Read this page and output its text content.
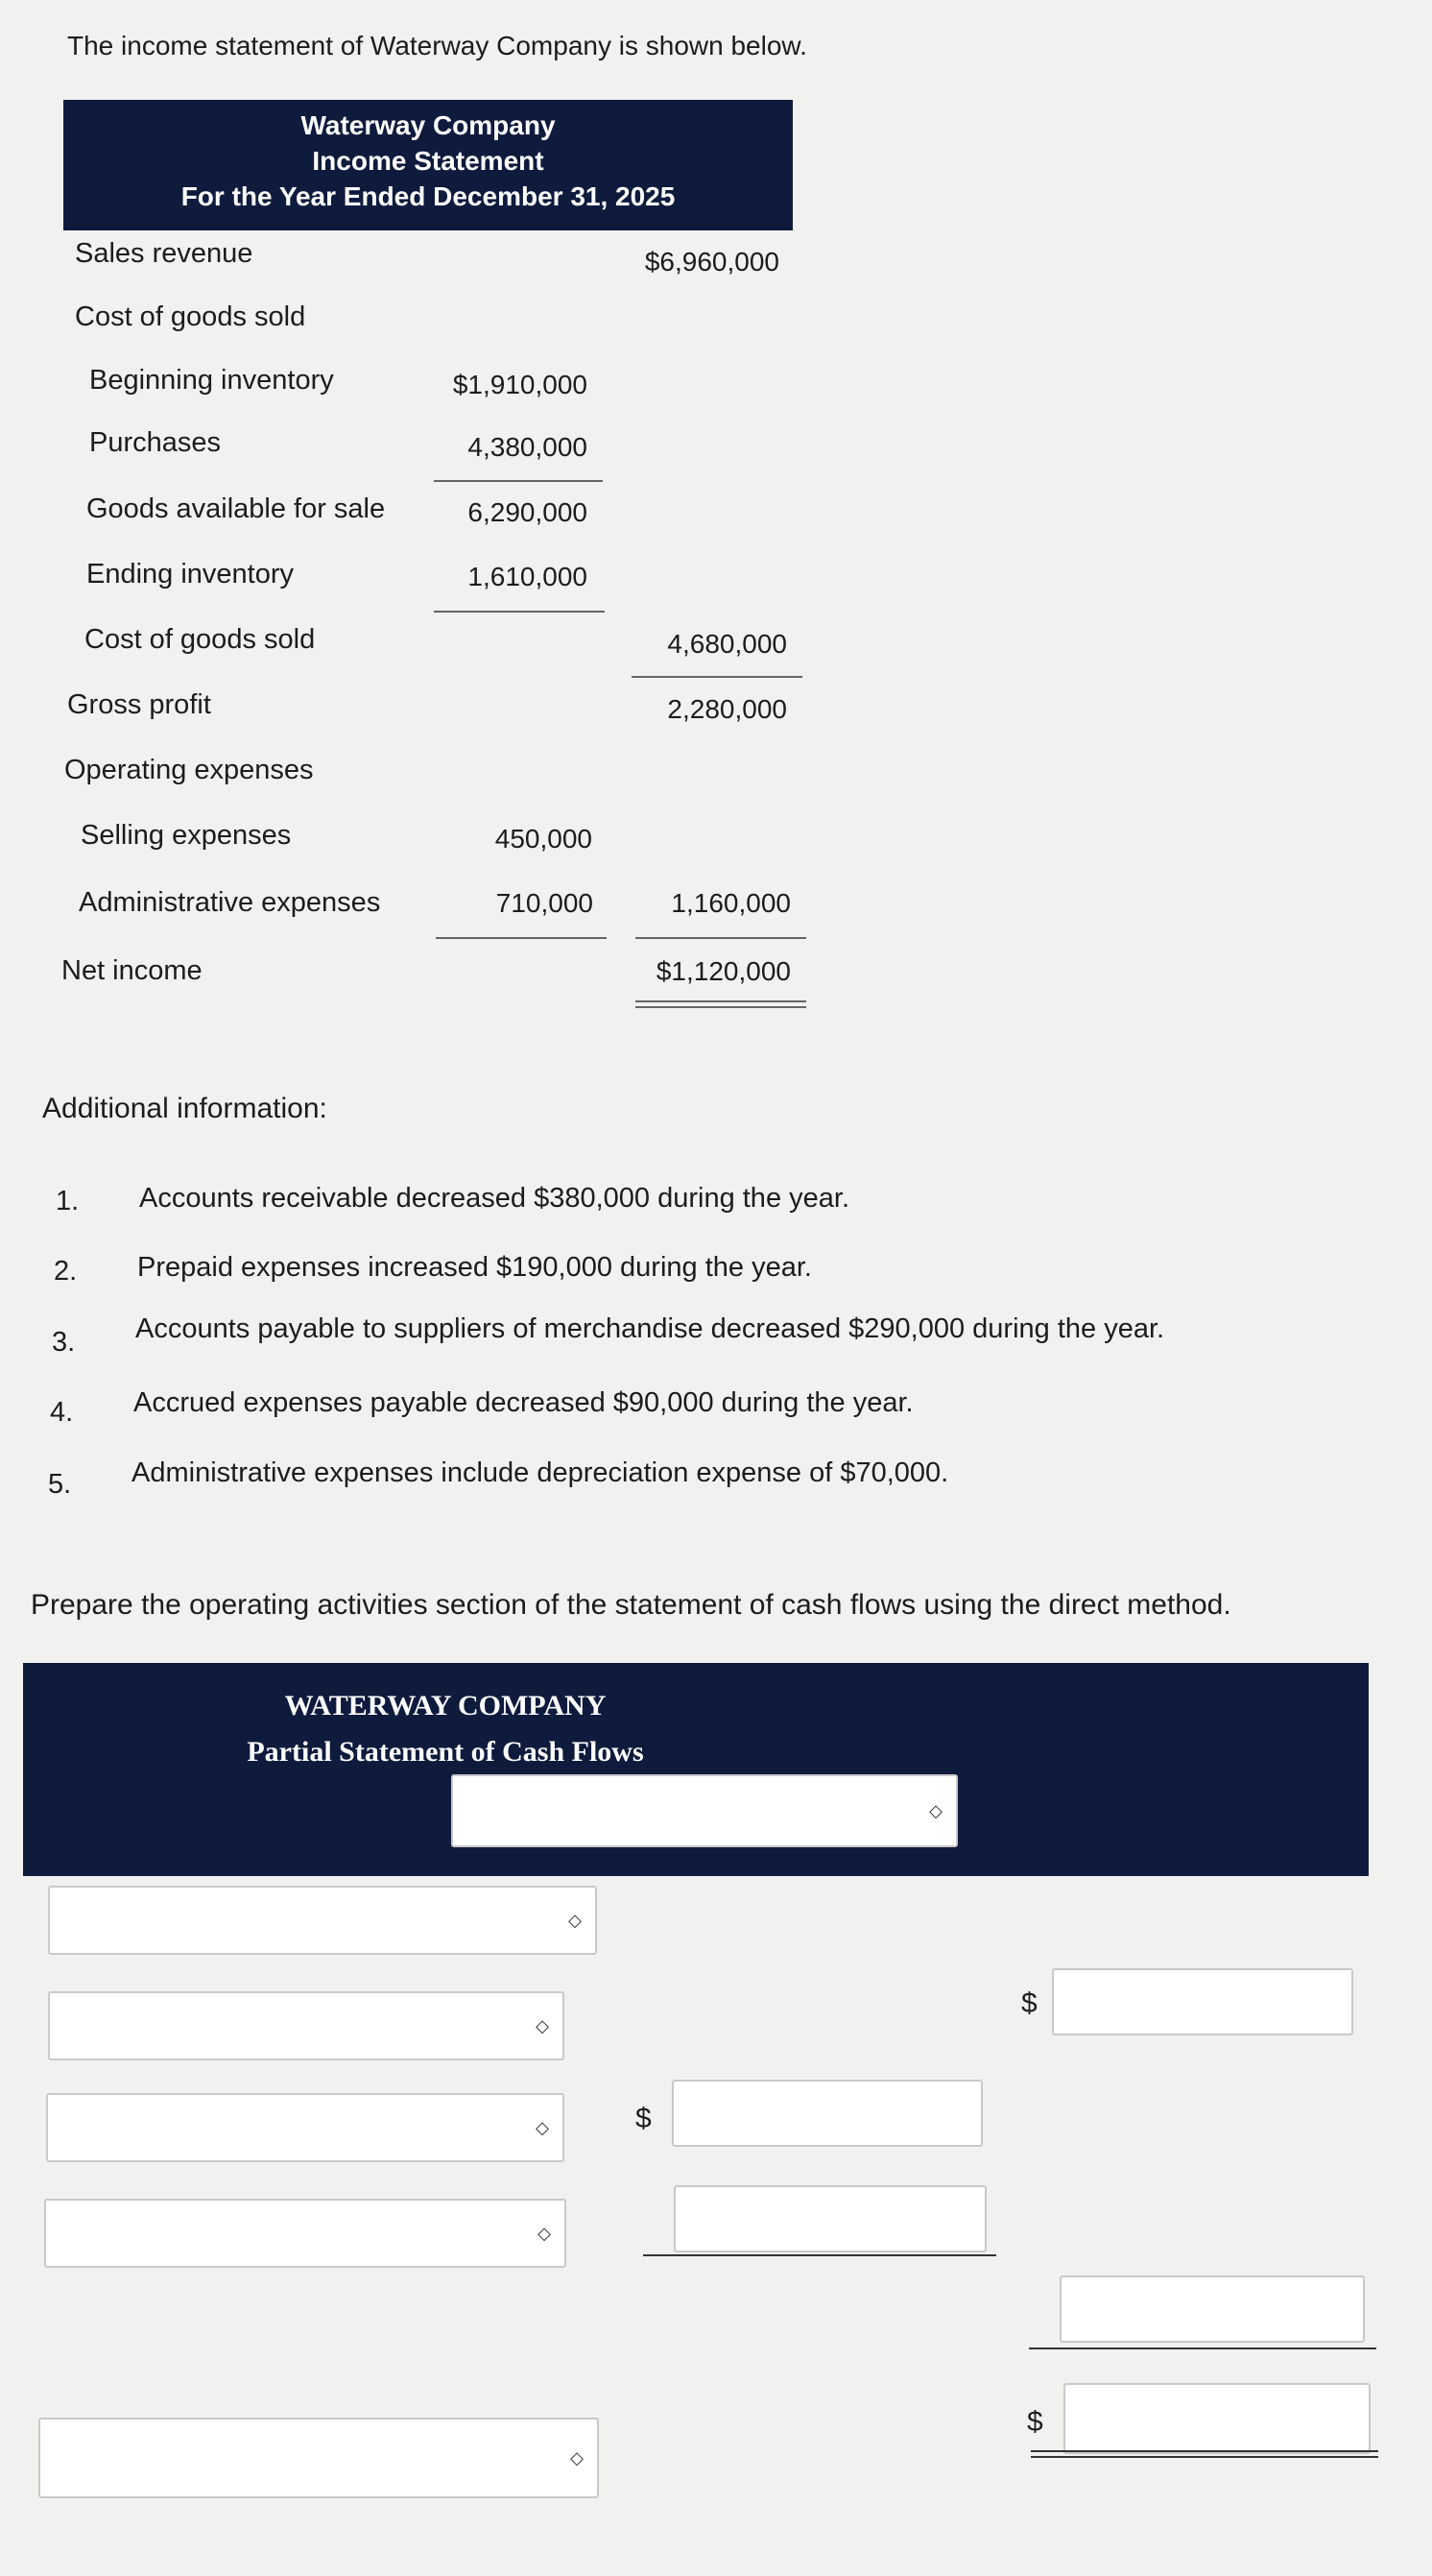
The income statement of Waterway Company is shown below.
Waterway Company
Income Statement
For the Year Ended December 31, 2025
Sales revenue	$6,960,000
Cost of goods sold
Beginning inventory	$1,910,000
Purchases	4,380,000
Goods available for sale	6,290,000
Ending inventory	1,610,000
Cost of goods sold	4,680,000
Gross profit	2,280,000
Operating expenses
Selling expenses	450,000
Administrative expenses	710,000	1,160,000
Net income	$1,120,000
Additional information:
1. Accounts receivable decreased $380,000 during the year.
2. Prepaid expenses increased $190,000 during the year.
3. Accounts payable to suppliers of merchandise decreased $290,000 during the year.
4. Accrued expenses payable decreased $90,000 during the year.
5. Administrative expenses include depreciation expense of $70,000.
Prepare the operating activities section of the statement of cash flows using the direct method.
WATERWAY COMPANY
Partial Statement of Cash Flows
◇
◇
◇
$
◇	$
◇
◇
$
